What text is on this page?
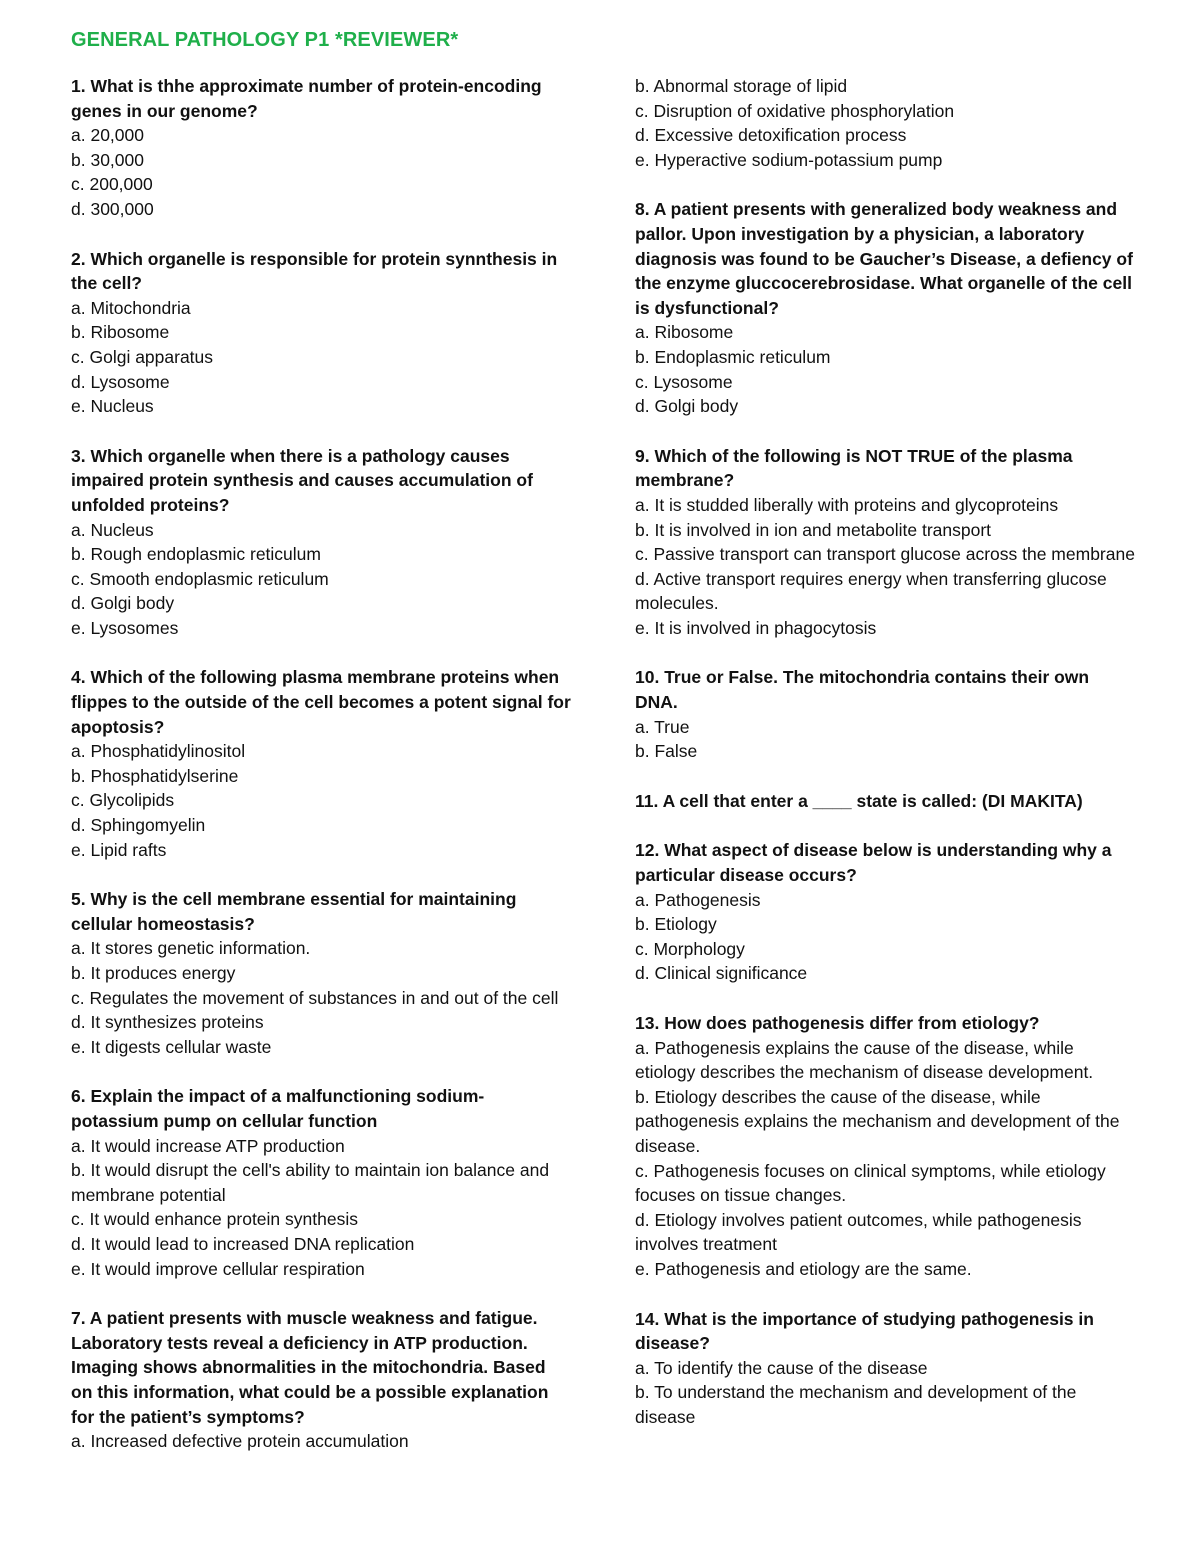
GENERAL PATHOLOGY P1 *REVIEWER*
1. What is thhe approximate number of protein-encoding genes in our genome?
a. 20,000
b. 30,000
c. 200,000
d. 300,000
2. Which organelle is responsible for protein synnthesis in the cell?
a. Mitochondria
b. Ribosome
c. Golgi apparatus
d. Lysosome
e. Nucleus
3. Which organelle when there is a pathology causes impaired protein synthesis and causes accumulation of unfolded proteins?
a. Nucleus
b. Rough endoplasmic reticulum
c. Smooth endoplasmic reticulum
d. Golgi body
e. Lysosomes
4. Which of the following plasma membrane proteins when flippes to the outside of the cell becomes a potent signal for apoptosis?
a. Phosphatidylinositol
b. Phosphatidylserine
c. Glycolipids
d. Sphingomyelin
e. Lipid rafts
5. Why is the cell membrane essential for maintaining cellular homeostasis?
a. It stores genetic information.
b. It produces energy
c. Regulates the movement of substances in and out of the cell
d. It synthesizes proteins
e. It digests cellular waste
6. Explain the impact of a malfunctioning sodium-potassium pump on cellular function
a. It would increase ATP production
b. It would disrupt the cell's ability to maintain ion balance and membrane potential
c. It would enhance protein synthesis
d. It would lead to increased DNA replication
e. It would improve cellular respiration
7. A patient presents with muscle weakness and fatigue. Laboratory tests reveal a deficiency in ATP production. Imaging shows abnormalities in the mitochondria. Based on this information, what could be a possible explanation for the patient’s symptoms?
a. Increased defective protein accumulation
b. Abnormal storage of lipid
c. Disruption of oxidative phosphorylation
d. Excessive detoxification process
e. Hyperactive sodium-potassium pump
8. A patient presents with generalized body weakness and pallor. Upon investigation by a physician, a laboratory diagnosis was found to be Gaucher’s Disease, a defiency of the enzyme gluccocerebrosidase. What organelle of the cell is dysfunctional?
a. Ribosome
b. Endoplasmic reticulum
c. Lysosome
d. Golgi body
9. Which of the following is NOT TRUE of the plasma membrane?
a. It is studded liberally with proteins and glycoproteins
b. It is involved in ion and metabolite transport
c. Passive transport can transport glucose across the membrane
d. Active transport requires energy when transferring glucose molecules.
e. It is involved in phagocytosis
10. True or False. The mitochondria contains their own DNA.
a. True
b. False
11. A cell that enter a ____ state is called: (DI MAKITA)
12. What aspect of disease below is understanding why a particular disease occurs?
a. Pathogenesis
b. Etiology
c. Morphology
d. Clinical significance
13. How does pathogenesis differ from etiology?
a. Pathogenesis explains the cause of the disease, while etiology describes the mechanism of disease development.
b. Etiology describes the cause of the disease, while pathogenesis explains the mechanism and development of the disease.
c. Pathogenesis focuses on clinical symptoms, while etiology focuses on tissue changes.
d. Etiology involves patient outcomes, while pathogenesis involves treatment
e. Pathogenesis and etiology are the same.
14. What is the importance of studying pathogenesis in disease?
a. To identify the cause of the disease
b. To understand the mechanism and development of the disease
